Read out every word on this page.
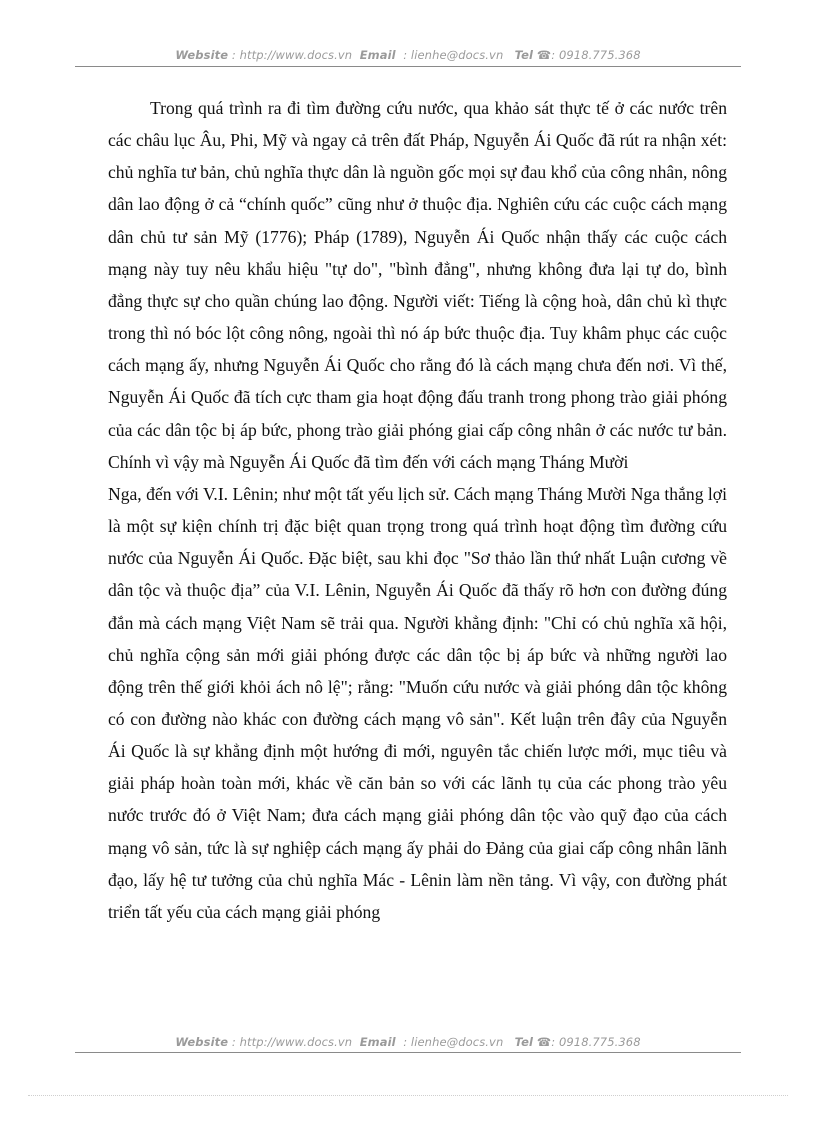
Website : http://www.docs.vn Email : lienhe@docs.vn Tel ☎: 0918.775.368

Trong quá trình ra đi tìm đường cứu nước, qua khảo sát thực tế ở các nước trên các châu lục Âu, Phi, Mỹ và ngay cả trên đất Pháp, Nguyễn Ái Quốc đã rút ra nhận xét: chủ nghĩa tư bản, chủ nghĩa thực dân là nguồn gốc mọi sự đau khổ của công nhân, nông dân lao động ở cả “chính quốc” cũng như ở thuộc địa. Nghiên cứu các cuộc cách mạng dân chủ tư sản Mỹ (1776); Pháp (1789), Nguyễn Ái Quốc nhận thấy các cuộc cách mạng này tuy nêu khẩu hiệu "tự do", "bình đẳng", nhưng không đưa lại tự do, bình đẳng thực sự cho quần chúng lao động. Người viết: Tiếng là cộng hoà, dân chủ kì thực trong thì nó bóc lột công nông, ngoài thì nó áp bức thuộc địa. Tuy khâm phục các cuộc cách mạng ấy, nhưng Nguyễn Ái Quốc cho rằng đó là cách mạng chưa đến nơi. Vì thế, Nguyễn Ái Quốc đã tích cực tham gia hoạt động đấu tranh trong phong trào giải phóng của các dân tộc bị áp bức, phong trào giải phóng giai cấp công nhân ở các nước tư bản. Chính vì vậy mà Nguyễn Ái Quốc đã tìm đến với cách mạng Tháng Mười

Nga, đến với V.I. Lênin; như một tất yếu lịch sử. Cách mạng Tháng Mười Nga thắng lợi là một sự kiện chính trị đặc biệt quan trọng trong quá trình hoạt động tìm đường cứu nước của Nguyễn Ái Quốc. Đặc biệt, sau khi đọc "Sơ thảo lần thứ nhất Luận cương về dân tộc và thuộc địa” của V.I. Lênin, Nguyễn Ái Quốc đã thấy rõ hơn con đường đúng đắn mà cách mạng Việt Nam sẽ trải qua. Người khẳng định: "Chỉ có chủ nghĩa xã hội, chủ nghĩa cộng sản mới giải phóng được các dân tộc bị áp bức và những người lao động trên thế giới khỏi ách nô lệ"; rằng: "Muốn cứu nước và giải phóng dân tộc không có con đường nào khác con đường cách mạng vô sản". Kết luận trên đây của Nguyễn Ái Quốc là sự khẳng định một hướng đi mới, nguyên tắc chiến lược mới, mục tiêu và giải pháp hoàn toàn mới, khác về căn bản so với các lãnh tụ của các phong trào yêu nước trước đó ở Việt Nam; đưa cách mạng giải phóng dân tộc vào quỹ đạo của cách mạng vô sản, tức là sự nghiệp cách mạng ấy phải do Đảng của giai cấp công nhân lãnh đạo, lấy hệ tư tưởng của chủ nghĩa Mác - Lênin làm nền tảng. Vì vậy, con đường phát triển tất yếu của cách mạng giải phóng

Website : http://www.docs.vn Email : lienhe@docs.vn Tel ☎: 0918.775.368
